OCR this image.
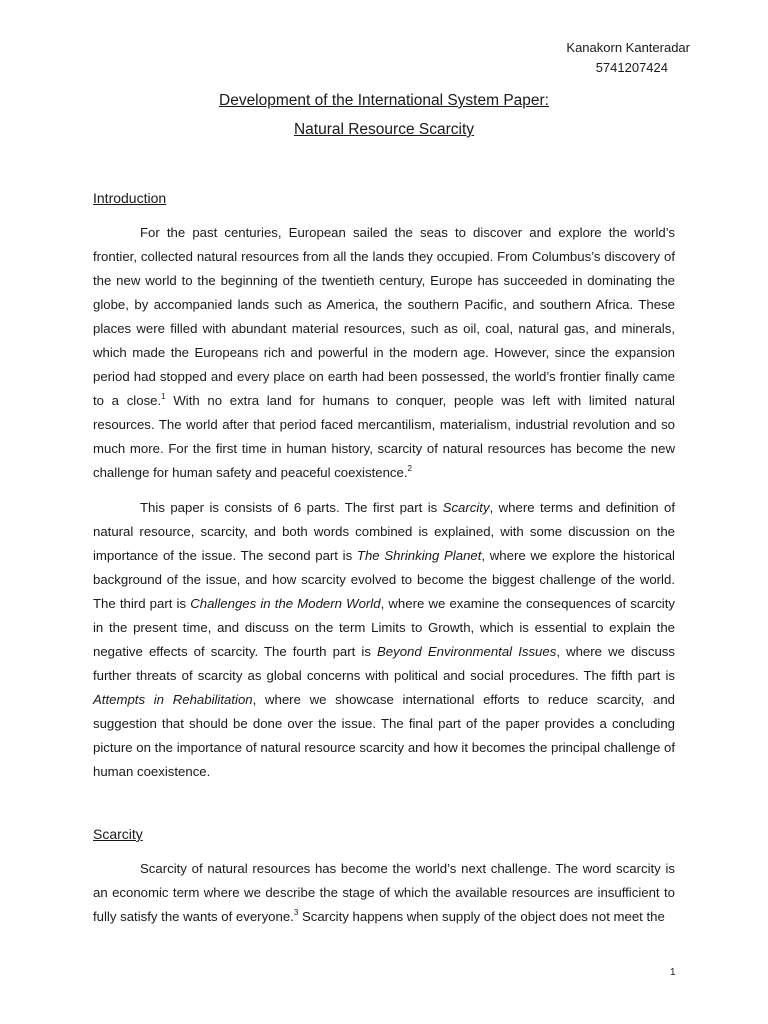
Kanakorn Kanteradar
5741207424
Development of the International System Paper:
Natural Resource Scarcity
Introduction

For the past centuries, European sailed the seas to discover and explore the world’s frontier, collected natural resources from all the lands they occupied. From Columbus’s discovery of the new world to the beginning of the twentieth century, Europe has succeeded in dominating the globe, by accompanied lands such as America, the southern Pacific, and southern Africa. These places were filled with abundant material resources, such as oil, coal, natural gas, and minerals, which made the Europeans rich and powerful in the modern age. However, since the expansion period had stopped and every place on earth had been possessed, the world’s frontier finally came to a close.$^1$ With no extra land for humans to conquer, people was left with limited natural resources. The world after that period faced mercantilism, materialism, industrial revolution and so much more. For the first time in human history, scarcity of natural resources has become the new challenge for human safety and peaceful coexistence.$^2$

This paper is consists of 6 parts. The first part is Scarcity, where terms and definition of natural resource, scarcity, and both words combined is explained, with some discussion on the importance of the issue. The second part is The Shrinking Planet, where we explore the historical background of the issue, and how scarcity evolved to become the biggest challenge of the world. The third part is Challenges in the Modern World, where we examine the consequences of scarcity in the present time, and discuss on the term Limits to Growth, which is essential to explain the negative effects of scarcity. The fourth part is Beyond Environmental Issues, where we discuss further threats of scarcity as global concerns with political and social procedures. The fifth part is Attempts in Rehabilitation, where we showcase international efforts to reduce scarcity, and suggestion that should be done over the issue. The final part of the paper provides a concluding picture on the importance of natural resource scarcity and how it becomes the principal challenge of human coexistence.

Scarcity

Scarcity of natural resources has become the world’s next challenge. The word scarcity is an economic term where we describe the stage of which the available resources are insufficient to fully satisfy the wants of everyone.$^3$ Scarcity happens when supply of the object does not meet the

1
